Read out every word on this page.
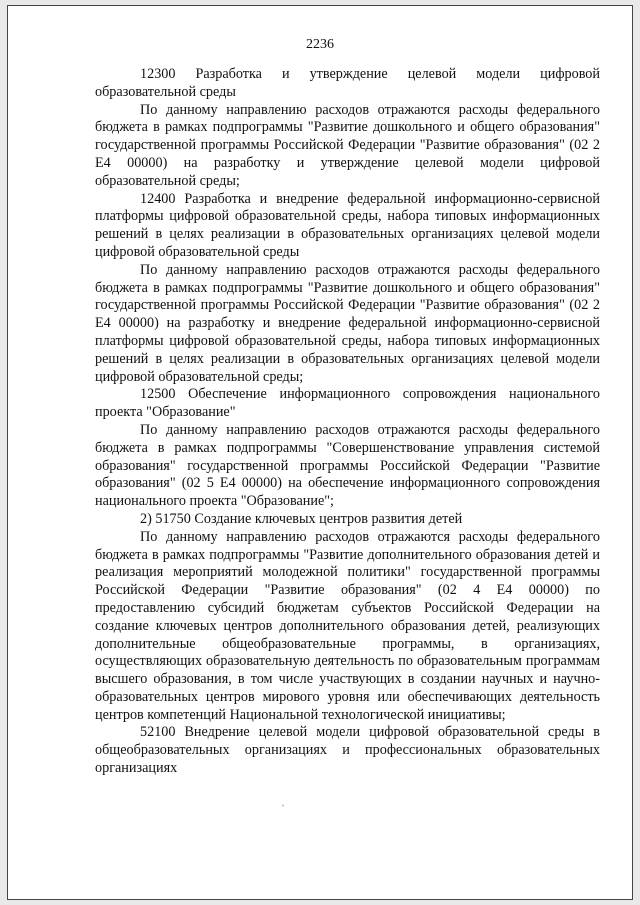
2236

12300 Разработка и утверждение целевой модели цифровой образовательной среды

По данному направлению расходов отражаются расходы федерального бюджета в рамках подпрограммы "Развитие дошкольного и общего образования" государственной программы Российской Федерации "Развитие образования" (02 2 Е4 00000) на разработку и утверждение целевой модели цифровой образовательной среды;

12400 Разработка и внедрение федеральной информационно-сервисной платформы цифровой образовательной среды, набора типовых информационных решений в целях реализации в образовательных организациях целевой модели цифровой образовательной среды

По данному направлению расходов отражаются расходы федерального бюджета в рамках подпрограммы "Развитие дошкольного и общего образования" государственной программы Российской Федерации "Развитие образования" (02 2 Е4 00000) на разработку и внедрение федеральной информационно-сервисной платформы цифровой образовательной среды, набора типовых информационных решений в целях реализации в образовательных организациях целевой модели цифровой образовательной среды;

12500 Обеспечение информационного сопровождения национального проекта "Образование"

По данному направлению расходов отражаются расходы федерального бюджета в рамках подпрограммы "Совершенствование управления системой образования" государственной программы Российской Федерации "Развитие образования" (02 5 Е4 00000) на обеспечение информационного сопровождения национального проекта "Образование";

2) 51750 Создание ключевых центров развития детей

По данному направлению расходов отражаются расходы федерального бюджета в рамках подпрограммы "Развитие дополнительного образования детей и реализация мероприятий молодежной политики" государственной программы Российской Федерации "Развитие образования" (02 4 Е4 00000) по предоставлению субсидий бюджетам субъектов Российской Федерации на создание ключевых центров дополнительного образования детей, реализующих дополнительные общеобразовательные программы, в организациях, осуществляющих образовательную деятельность по образовательным программам высшего образования, в том числе участвующих в создании научных и научно-образовательных центров мирового уровня или обеспечивающих деятельность центров компетенций Национальной технологической инициативы;

52100 Внедрение целевой модели цифровой образовательной среды в общеобразовательных организациях и профессиональных образовательных организациях

ˈ
